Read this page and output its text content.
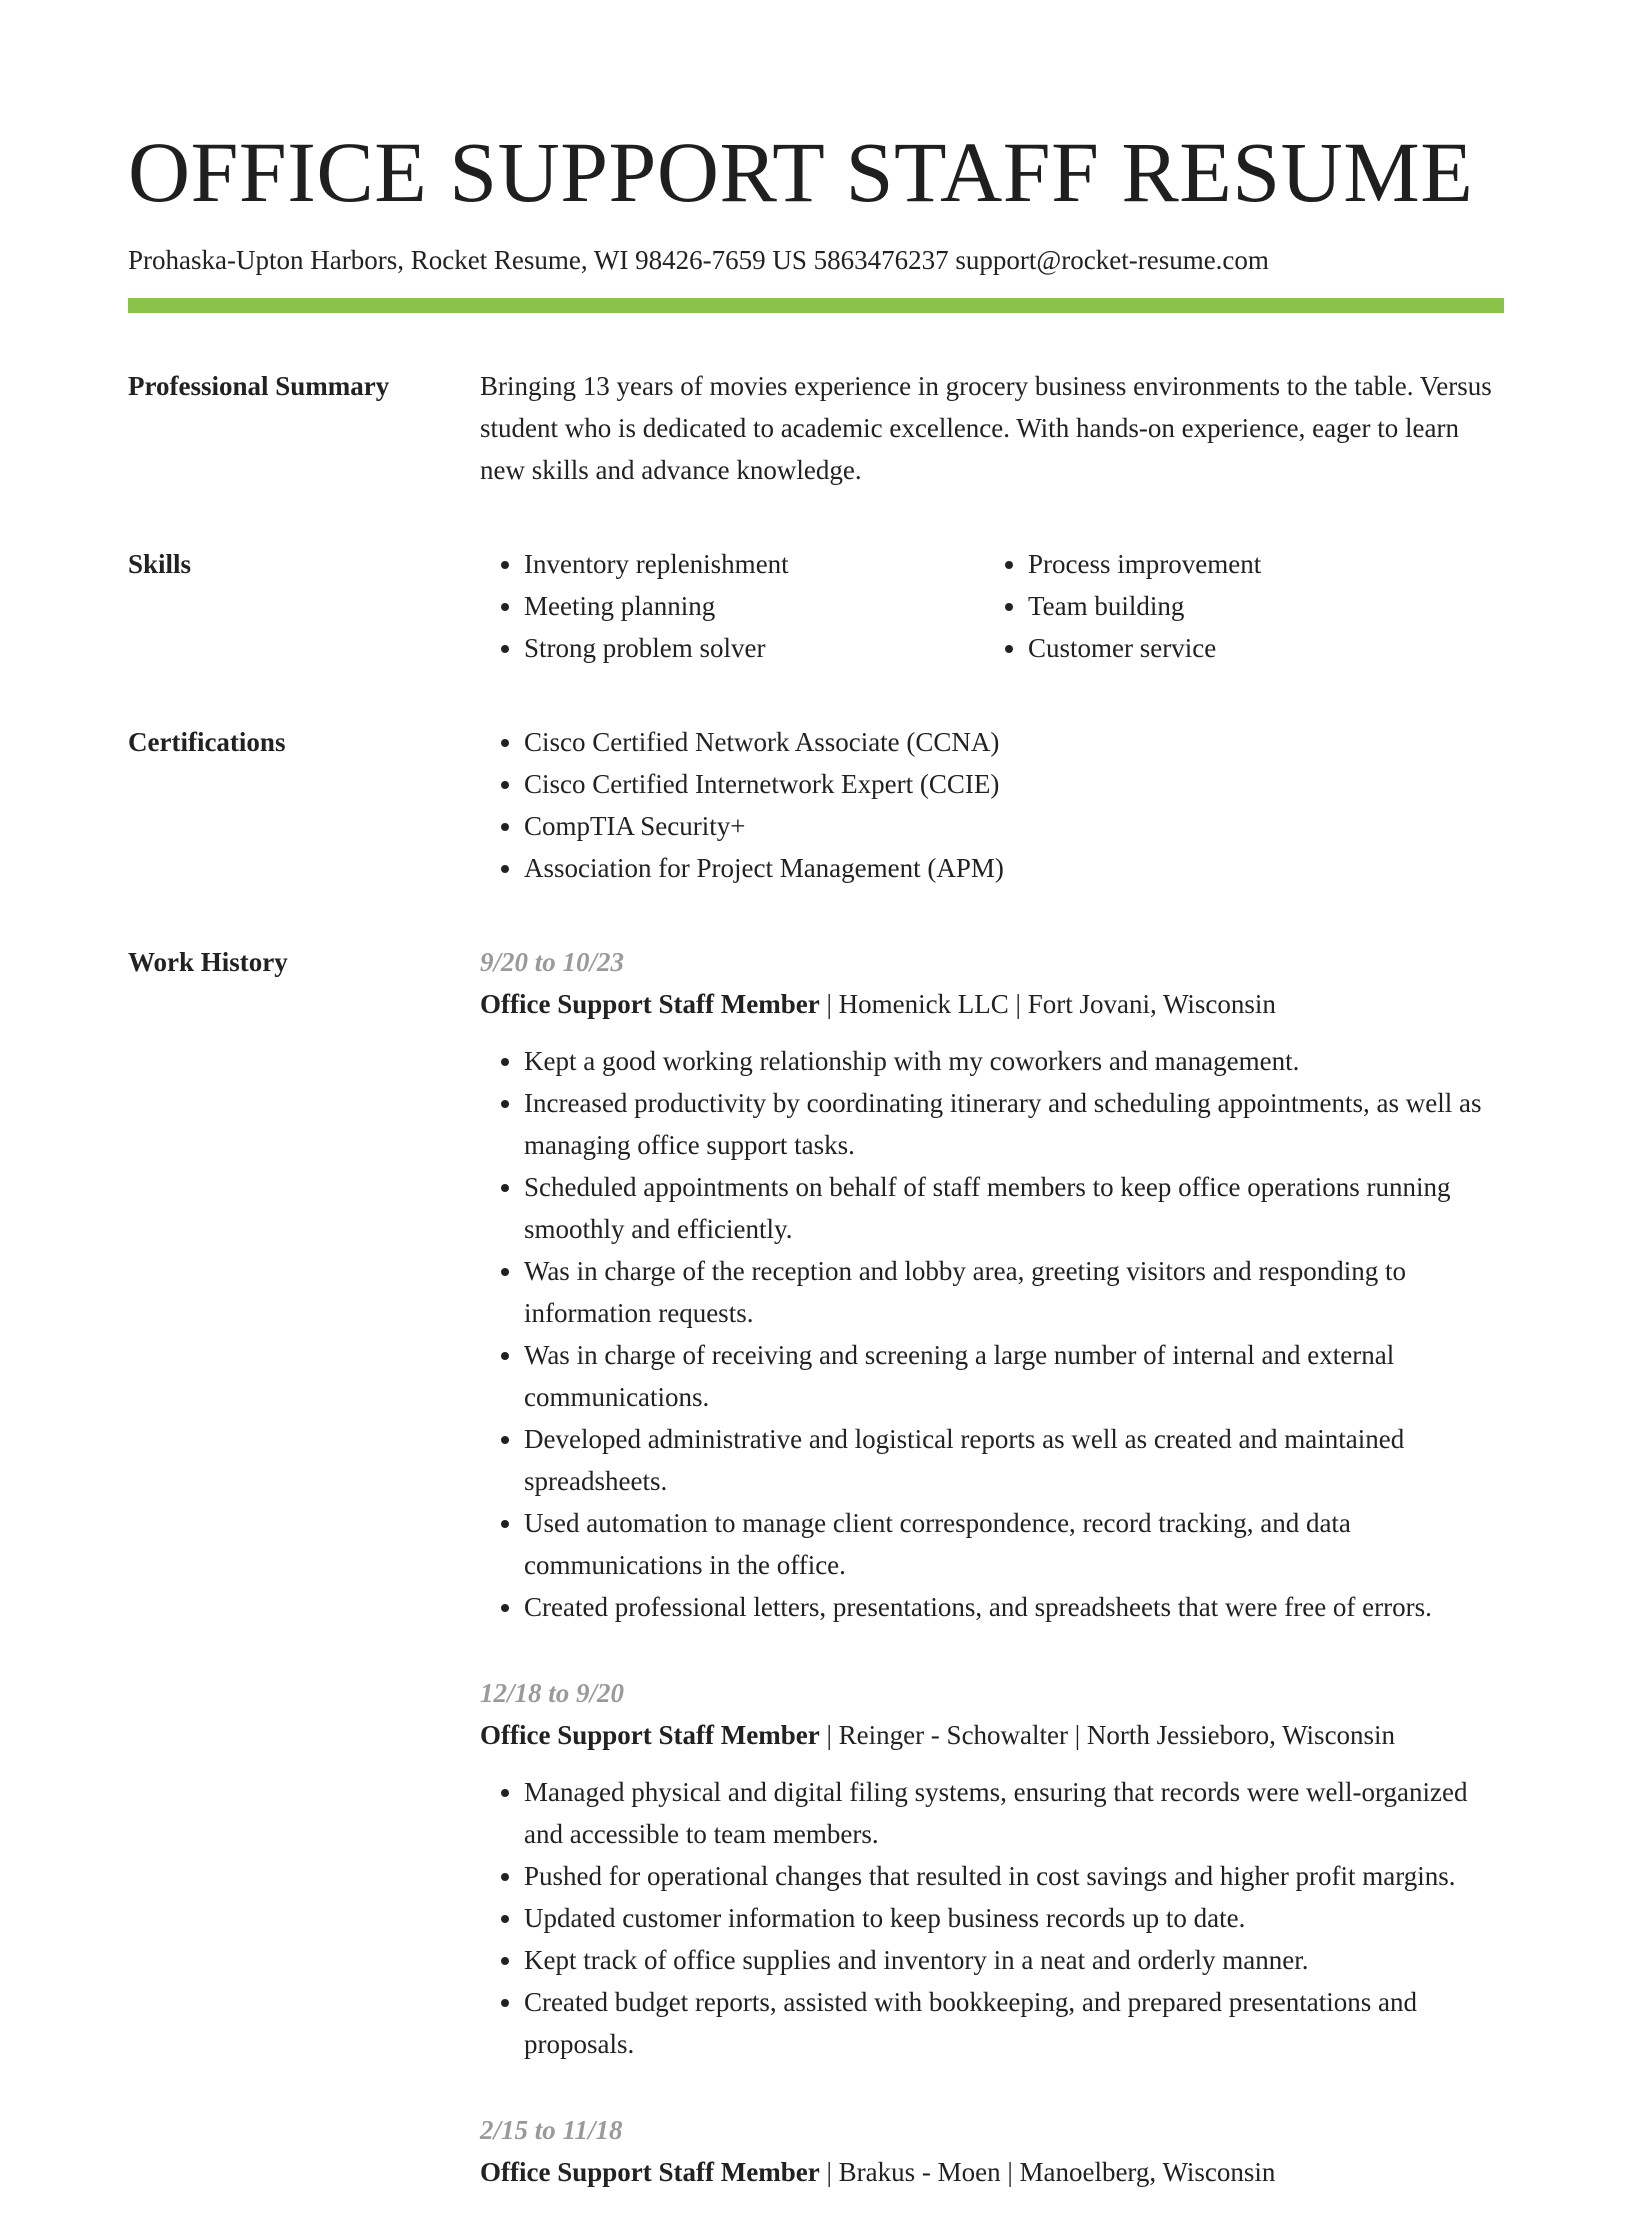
OFFICE SUPPORT STAFF RESUME
Prohaska-Upton Harbors, Rocket Resume, WI 98426-7659 US 5863476237 support@rocket-resume.com
Professional Summary	Bringing 13 years of movies experience in grocery business environments to the table. Versus student who is dedicated to academic excellence. With hands-on experience, eager to learn new skills and advance knowledge.

Skills	• Inventory replenishment
• Meeting planning
• Strong problem solver
• Process improvement
• Team building
• Customer service
Certifications	• Cisco Certified Network Associate (CCNA)
• Cisco Certified Internetwork Expert (CCIE)
• CompTIA Security+
• Association for Project Management (APM)
Work History	9/20 to 10/23
Office Support Staff Member | Homenick LLC | Fort Jovani, Wisconsin
• Kept a good working relationship with my coworkers and management.
• Increased productivity by coordinating itinerary and scheduling appointments, as well as managing office support tasks.
• Scheduled appointments on behalf of staff members to keep office operations running smoothly and efficiently.
• Was in charge of the reception and lobby area, greeting visitors and responding to information requests.
• Was in charge of receiving and screening a large number of internal and external communications.
• Developed administrative and logistical reports as well as created and maintained spreadsheets.
• Used automation to manage client correspondence, record tracking, and data communications in the office.
• Created professional letters, presentations, and spreadsheets that were free of errors.
12/18 to 9/20
Office Support Staff Member | Reinger - Schowalter | North Jessieboro, Wisconsin
• Managed physical and digital filing systems, ensuring that records were well-organized and accessible to team members.
• Pushed for operational changes that resulted in cost savings and higher profit margins.
• Updated customer information to keep business records up to date.
• Kept track of office supplies and inventory in a neat and orderly manner.
• Created budget reports, assisted with bookkeeping, and prepared presentations and proposals.
2/15 to 11/18
Office Support Staff Member | Brakus - Moen | Manoelberg, Wisconsin
